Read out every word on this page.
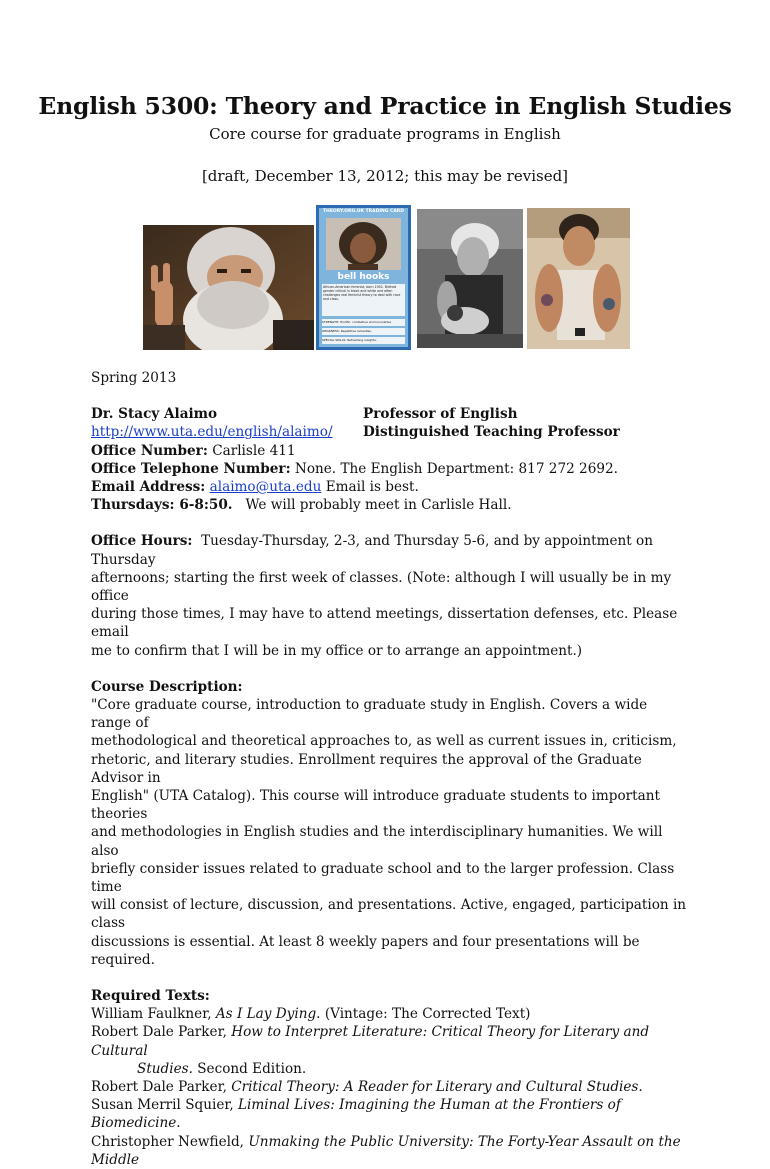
English 5300: Theory and Practice in English Studies
Core course for graduate programs in English
[draft, December 13, 2012; this may be revised]
THEORY.ORG.UK TRADING CARD
bell hooks
African-American feminist, born 1952. Birthed gender critical in black and white and often challenges real feminist theory to deal with race and class.
STRENGTH: Prolific, combative and innovative
WEAKNESS: Repetitive remedies.
SPECIAL SKILLS: Refreshing insights.

Spring 2013

Dr. Stacy Alaimo	Professor of English
http://www.uta.edu/english/alaimo/ Distinguished Teaching Professor

Office Number: Carlisle 411

Office Telephone Number: None. The English Department: 817 272 2692.

Email Address: alaimo@uta.edu Email is best.

Thursdays: 6-8:50. We will probably meet in Carlisle Hall.

Office Hours: Tuesday-Thursday, 2-3, and Thursday 5-6, and by appointment on Thursday

afternoons; starting the first week of classes. (Note: although I will usually be in my office

during those times, I may have to attend meetings, dissertation defenses, etc. Please email

me to confirm that I will be in my office or to arrange an appointment.)

Course Description:

"Core graduate course, introduction to graduate study in English. Covers a wide range of

methodological and theoretical approaches to, as well as current issues in, criticism,

rhetoric, and literary studies. Enrollment requires the approval of the Graduate Advisor in

English" (UTA Catalog). This course will introduce graduate students to important theories

and methodologies in English studies and the interdisciplinary humanities. We will also

briefly consider issues related to graduate school and to the larger profession. Class time

will consist of lecture, discussion, and presentations. Active, engaged, participation in class

discussions is essential. At least 8 weekly papers and four presentations will be required.

Required Texts:

William Faulkner, As I Lay Dying. (Vintage: The Corrected Text)

Robert Dale Parker, How to Interpret Literature: Critical Theory for Literary and Cultural

Studies. Second Edition.

Robert Dale Parker, Critical Theory: A Reader for Literary and Cultural Studies.

Susan Merril Squier, Liminal Lives: Imagining the Human at the Frontiers of Biomedicine.

Christopher Newfield, Unmaking the Public University: The Forty-Year Assault on the Middle
